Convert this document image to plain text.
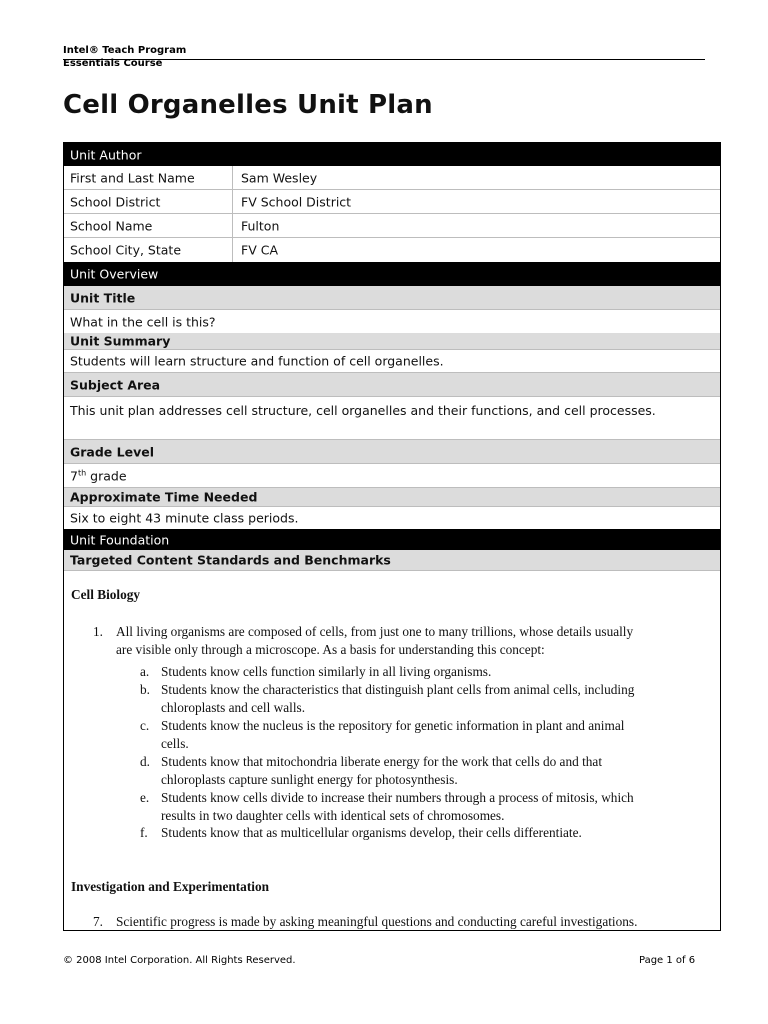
Intel® Teach Program
Essentials Course
Cell Organelles Unit Plan
Unit Author
First and Last Name	Sam Wesley
School District	FV School District
School Name	Fulton
School City, State	FV CA
Unit Overview
Unit Title
What in the cell is this?
Unit Summary
Students will learn structure and function of cell organelles.
Subject Area
This unit plan addresses cell structure, cell organelles and their functions, and cell processes.
Grade Level
7th grade
Approximate Time Needed
Six to eight 43 minute class periods.
Unit Foundation
Targeted Content Standards and Benchmarks
Cell Biology
1. All living organisms are composed of cells, from just one to many trillions, whose details usually
are visible only through a microscope. As a basis for understanding this concept:
a. Students know cells function similarly in all living organisms.
b. Students know the characteristics that distinguish plant cells from animal cells, including
chloroplasts and cell walls.
c. Students know the nucleus is the repository for genetic information in plant and animal
cells.
d. Students know that mitochondria liberate energy for the work that cells do and that
chloroplasts capture sunlight energy for photosynthesis.
e. Students know cells divide to increase their numbers through a process of mitosis, which
results in two daughter cells with identical sets of chromosomes.
f. Students know that as multicellular organisms develop, their cells differentiate.
Investigation and Experimentation
7. Scientific progress is made by asking meaningful questions and conducting careful investigations.
© 2008 Intel Corporation. All Rights Reserved.	Page 1 of 6
